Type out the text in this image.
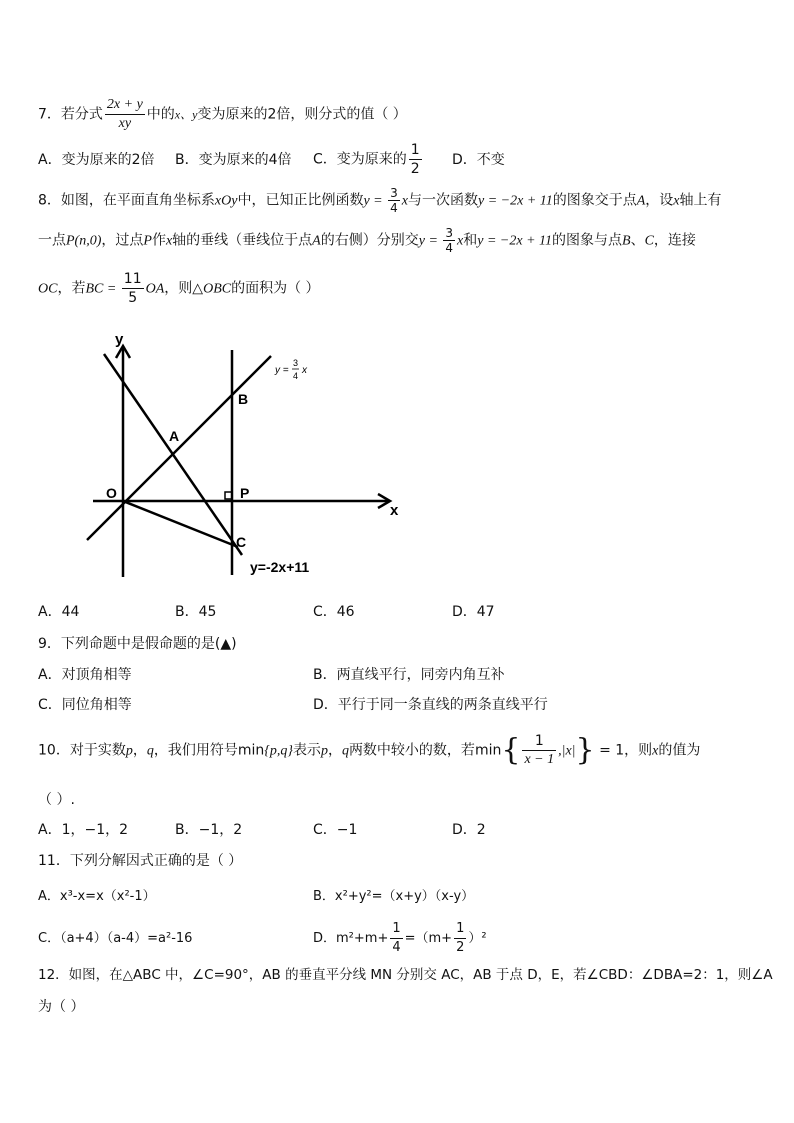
7．若分式 $\frac{2x + y}{xy}$ 中的x、y变为原来的2倍，则分式的值（ ）
A．变为原来的2倍 B．变为原来的4倍 C．变为原来的 $\frac{1}{2}$ D．不变
8．如图，在平面直角坐标系xOy中，已知正比例函数$y = \frac{3}{4}$ x与一次函数y = −2x + 11的图象交于点A，设x轴上有
一点P(n,0)，过点P作x轴的垂线（垂线位于点A的右侧）分别交$y = \frac{3}{4}$ x和y = −2x + 11的图象与点B、C，连接
OC，若BC = $\frac{11}{5}$ OA，则△OBC的面积为（ ）
y
x
O
A
B
P
C
y =
3
4 x
y=-2x+11
A．44	B．45	C．46	D．47
9．下列命题中是假命题的是(▲)
A．对顶角相等	B．两直线平行，同旁内角互补
C．同位角相等	D．平行于同一条直线的两条直线平行
10．对于实数p，q，我们用符号min{p,q}表示p，q两数中较小的数，若$\min\{ \frac{1}{x - 1} ,|x|\} = 1$，则x的值为
（ ）.
A．1，−1，2	B．−1，2	C．−1	D．2
11．下列分解因式正确的是（ ）
A．x³-x=x（x²-1）	B．x²+y²=（x+y）（x-y）
C．（a+4）（a-4）=a²-16	D．$m^2+m+ \frac{1}{4} =(m+ \frac{1}{2} )^2$
12．如图，在△ABC 中，∠C=90°，AB 的垂直平分线 MN 分别交 AC，AB 于点 D，E，若∠CBD：∠DBA=2：1，则∠A
为（ ）
